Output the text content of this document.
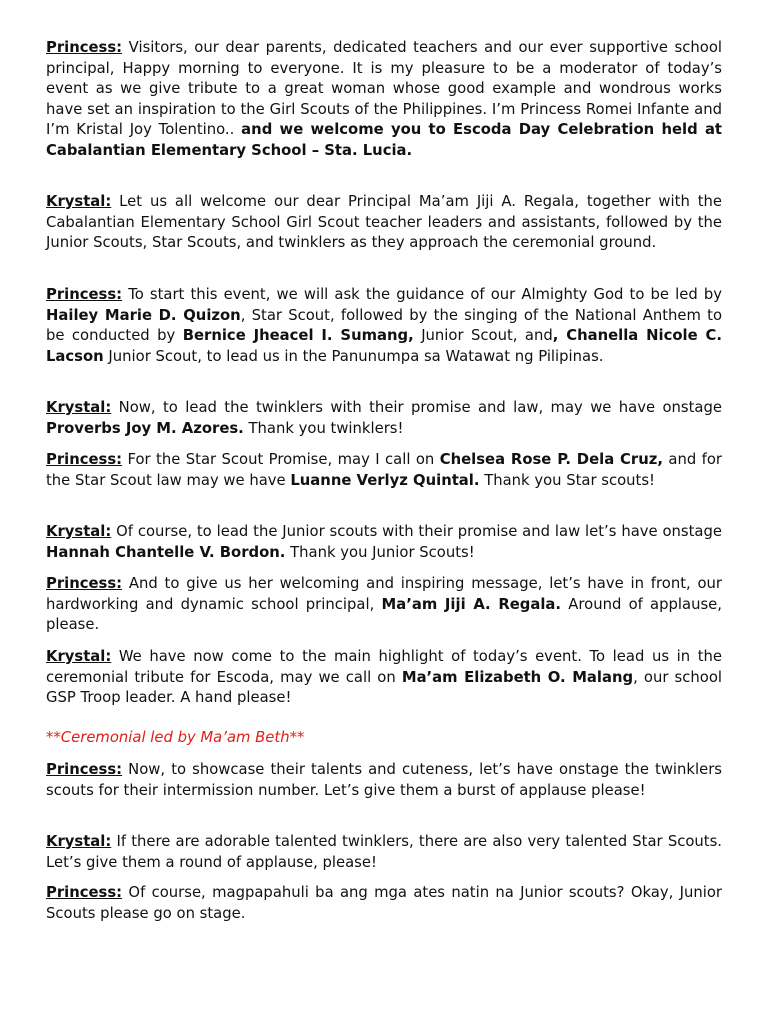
Princess: Visitors, our dear parents, dedicated teachers and our ever supportive school principal, Happy morning to everyone. It is my pleasure to be a moderator of today’s event as we give tribute to a great woman whose good example and wondrous works have set an inspiration to the Girl Scouts of the Philippines. I’m Princess Romei Infante and I’m Kristal Joy Tolentino.. and we welcome you to Escoda Day Celebration held at Cabalantian Elementary School – Sta. Lucia.

Krystal: Let us all welcome our dear Principal Ma’am Jiji A. Regala, together with the Cabalantian Elementary School Girl Scout teacher leaders and assistants, followed by the Junior Scouts, Star Scouts, and twinklers as they approach the ceremonial ground.

Princess: To start this event, we will ask the guidance of our Almighty God to be led by Hailey Marie D. Quizon, Star Scout, followed by the singing of the National Anthem to be conducted by Bernice Jheacel I. Sumang, Junior Scout, and, Chanella Nicole C. Lacson Junior Scout, to lead us in the Panunumpa sa Watawat ng Pilipinas.

Krystal: Now, to lead the twinklers with their promise and law, may we have onstage Proverbs Joy M. Azores. Thank you twinklers!

Princess: For the Star Scout Promise, may I call on Chelsea Rose P. Dela Cruz, and for the Star Scout law may we have Luanne Verlyz Quintal. Thank you Star scouts!

Krystal: Of course, to lead the Junior scouts with their promise and law let’s have onstage Hannah Chantelle V. Bordon. Thank you Junior Scouts!

Princess: And to give us her welcoming and inspiring message, let’s have in front, our hardworking and dynamic school principal, Ma’am Jiji A. Regala. Around of applause, please.

Krystal: We have now come to the main highlight of today’s event. To lead us in the ceremonial tribute for Escoda, may we call on Ma’am Elizabeth O. Malang, our school GSP Troop leader. A hand please!

**Ceremonial led by Ma’am Beth**

Princess: Now, to showcase their talents and cuteness, let’s have onstage the twinklers scouts for their intermission number. Let’s give them a burst of applause please!

Krystal: If there are adorable talented twinklers, there are also very talented Star Scouts. Let’s give them a round of applause, please!

Princess: Of course, magpapahuli ba ang mga ates natin na Junior scouts? Okay, Junior Scouts please go on stage.
